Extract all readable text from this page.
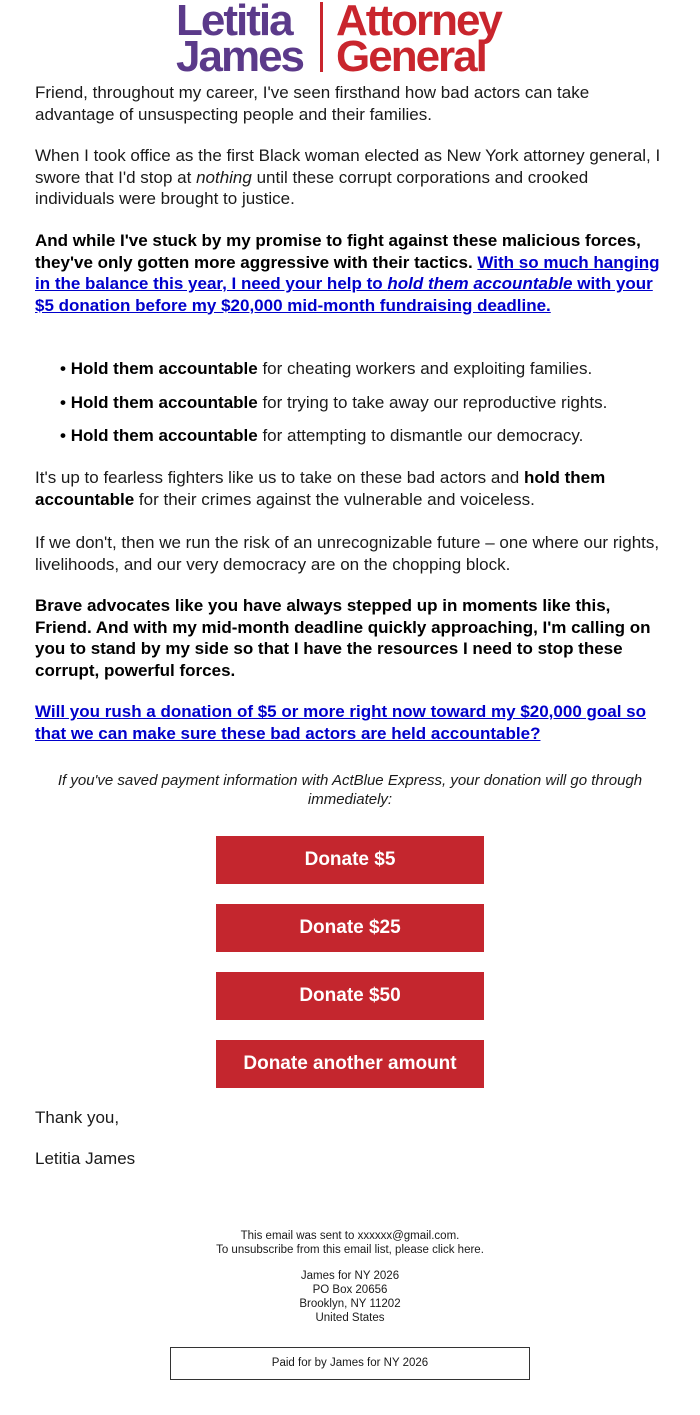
Letitia
James
Attorney
General

Friend, throughout my career, I've seen firsthand how bad actors can take advantage of unsuspecting people and their families.

When I took office as the first Black woman elected as New York attorney general, I swore that I'd stop at nothing until these corrupt corporations and crooked individuals were brought to justice.

And while I've stuck by my promise to fight against these malicious forces, they've only gotten more aggressive with their tactics. With so much hanging in the balance this year, I need your help to hold them accountable with your $5 donation before my $20,000 mid-month fundraising deadline.

• Hold them accountable for cheating workers and exploiting families.
• Hold them accountable for trying to take away our reproductive rights.
• Hold them accountable for attempting to dismantle our democracy.

It's up to fearless fighters like us to take on these bad actors and hold them accountable for their crimes against the vulnerable and voiceless.

If we don't, then we run the risk of an unrecognizable future – one where our rights, livelihoods, and our very democracy are on the chopping block.

Brave advocates like you have always stepped up in moments like this, Friend. And with my mid-month deadline quickly approaching, I'm calling on you to stand by my side so that I have the resources I need to stop these corrupt, powerful forces.

Will you rush a donation of $5 or more right now toward my $20,000 goal so that we can make sure these bad actors are held accountable?

If you've saved payment information with ActBlue Express, your donation will go through immediately:
Donate $5
Donate $25
Donate $50
Donate another amount

Thank you,

Letitia James

This email was sent to xxxxxx@gmail.com.
To unsubscribe from this email list, please click here.
James for NY 2026
PO Box 20656
Brooklyn, NY 11202
United States
Paid for by James for NY 2026
